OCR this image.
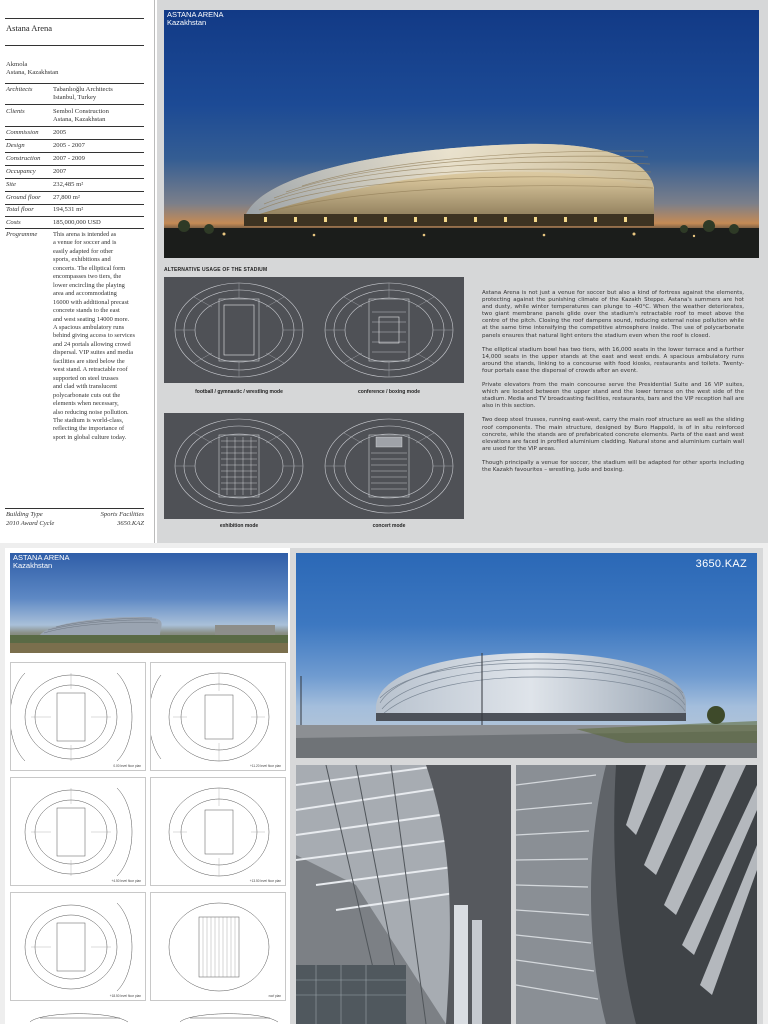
Astana Arena
Akmola
Astana, Kazakhstan
Architects	Tabanlıoğlu Architects
Istanbul, Turkey
Clients	Sembol Construction
Astana, Kazakhstan
Commission 2005
Design	2005 - 2007
Construction 2007 - 2009
Occupancy	2007
Site	232,485 m²
Ground floor 27,800 m²
Total floor	194,531 m²
Costs	185,000,000 USD
Programme This arena is intended as
a venue for soccer and is
easily adapted for other
sports, exhibitions and
concerts. The elliptical form
encompasses two tiers, the
lower encircling the playing
area and accommodating
16000 with additional precast
concrete stands to the east
and west seating 14000 more.
A spacious ambulatory runs
behind giving access to services
and 24 portals allowing crowd
dispersal. VIP suites and media
facilities are sited below the
west stand. A retractable roof
supported on steel trusses
and clad with translucent
polycarbonate cuts out the
elements when necessary,
also reducing noise pollution.
The stadium is world-class,
reflecting the importance of
sport in global culture today.
Building Type
2010 Award Cycle
Sports Facilities
3650.KAZ
ASTANA ARENA
Kazakhstan
ALTERNATIVE USAGE OF THE STADIUM
football / gymnastic / wrestling mode	conference / boxing mode
exhibition mode	concert mode

Astana Arena is not just a venue for soccer but also a kind of fortress against the elements, protecting against the punishing climate of the Kazakh Steppe. Astana's summers are hot and dusty, while winter temperatures can plunge to -40°C. When the weather deteriorates, two giant membrane panels glide over the stadium's retractable roof to meet above the centre of the pitch. Closing the roof dampens sound, reducing external noise pollution while at the same time intensifying the competitive atmosphere inside. The use of polycarbonate panels ensures that natural light enters the stadium even when the roof is closed.

The elliptical stadium bowl has two tiers, with 16,000 seats in the lower terrace and a further 14,000 seats in the upper stands at the east and west ends. A spacious ambulatory runs around the stands, linking to a concourse with food kiosks, restaurants and toilets. Twenty-four portals ease the dispersal of crowds after an event.

Private elevators from the main concourse serve the Presidential Suite and 16 VIP suites, which are located between the upper stand and the lower terrace on the west side of the stadium. Media and TV broadcasting facilities, restaurants, bars and the VIP reception hall are also in this section.

Two deep steel trusses, running east-west, carry the main roof structure as well as the sliding roof components. The main structure, designed by Buro Happold, is of in situ reinforced concrete, while the stands are of prefabricated concrete elements. Parts of the east and west elevations are faced in profiled aluminium cladding. Natural stone and aluminium curtain wall are used for the VIP areas.

Though principally a venue for soccer, the stadium will be adapted for other sports including the Kazakh favourites – wrestling, judo and boxing.

ASTANA ARENA
Kazakhstan
0.00 level floor plan	+11.20 level floor plan
+4.50 level floor plan	+13.50 level floor plan
+18.50 level floor plan	roof plan
3650.KAZ
